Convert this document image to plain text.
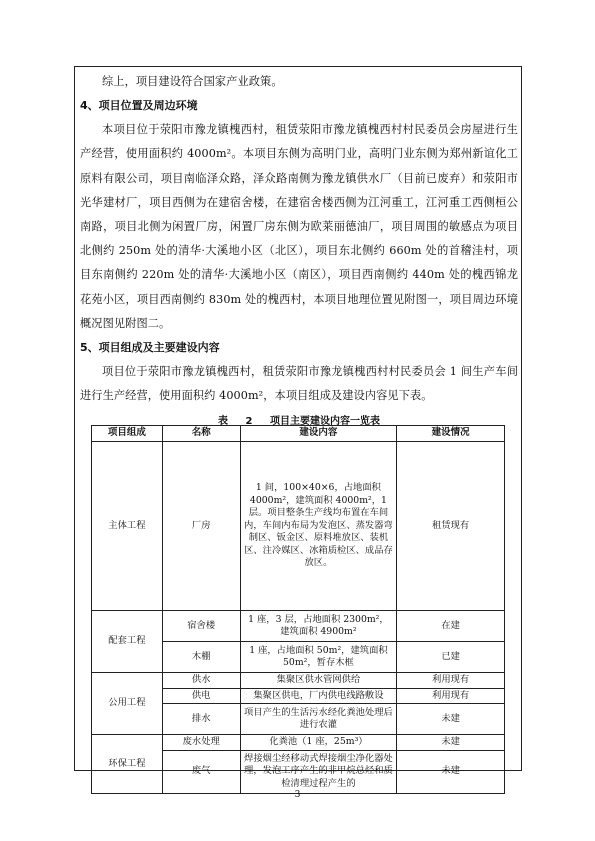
综上，项目建设符合国家产业政策。

4、项目位置及周边环境

本项目位于荥阳市豫龙镇槐西村，租赁荥阳市豫龙镇槐西村村民委员会房屋进行生产经营，使用面积约 4000m²。本项目东侧为高明门业，高明门业东侧为郑州新谊化工原料有限公司，项目南临泽众路，泽众路南侧为豫龙镇供水厂（目前已废弃）和荥阳市光华建材厂，项目西侧为在建宿舍楼，在建宿舍楼西侧为江河重工，江河重工西侧桓公南路，项目北侧为闲置厂房，闲置厂房东侧为欧莱丽德油厂，项目周围的敏感点为项目北侧约 250m 处的清华·大溪地小区（北区），项目东北侧约 660m 处的首稽洼村，项目东南侧约 220m 处的清华·大溪地小区（南区），项目西南侧约 440m 处的槐西锦龙花苑小区，项目西南侧约 830m 处的槐西村，本项目地理位置见附图一，项目周边环境概况图见附图二。

5、项目组成及主要建设内容

项目位于荥阳市豫龙镇槐西村，租赁荥阳市豫龙镇槐西村村民委员会 1 间生产车间进行生产经营，使用面积约 4000m²，本项目组成及建设内容见下表。

表 2 项目主要建设内容一览表
项目组成	名称	建设内容	建设情况
主体工程	厂房	1 间，100×40×6，占地面积 4000m²，建筑面积 4000m²，1 层。项目整条生产线均布置在车间内，车间内布局为发泡区、蒸发器弯制区、钣金区、原料堆放区、装机区、注冷媒区、冰箱质检区、成品存放区。	租赁现有
配套工程	宿舍楼	1 座，3 层，占地面积 2300m²，建筑面积 4900m²	在建
	木棚	1 座，占地面积 50m²，建筑面积 50m²，暂存木框	已建
公用工程	供水	集聚区供水管网供给	利用现有
	供电	集聚区供电，厂内供电线路敷设	利用现有
	排水	项目产生的生活污水经化粪池处理后进行农灌	未建
环保工程	废水处理	化粪池（1 座，25m³）	未建
	废气	焊接烟尘经移动式焊接烟尘净化器处理，发泡工序产生的非甲烷总烃和质检清理过程产生的	未建
3
